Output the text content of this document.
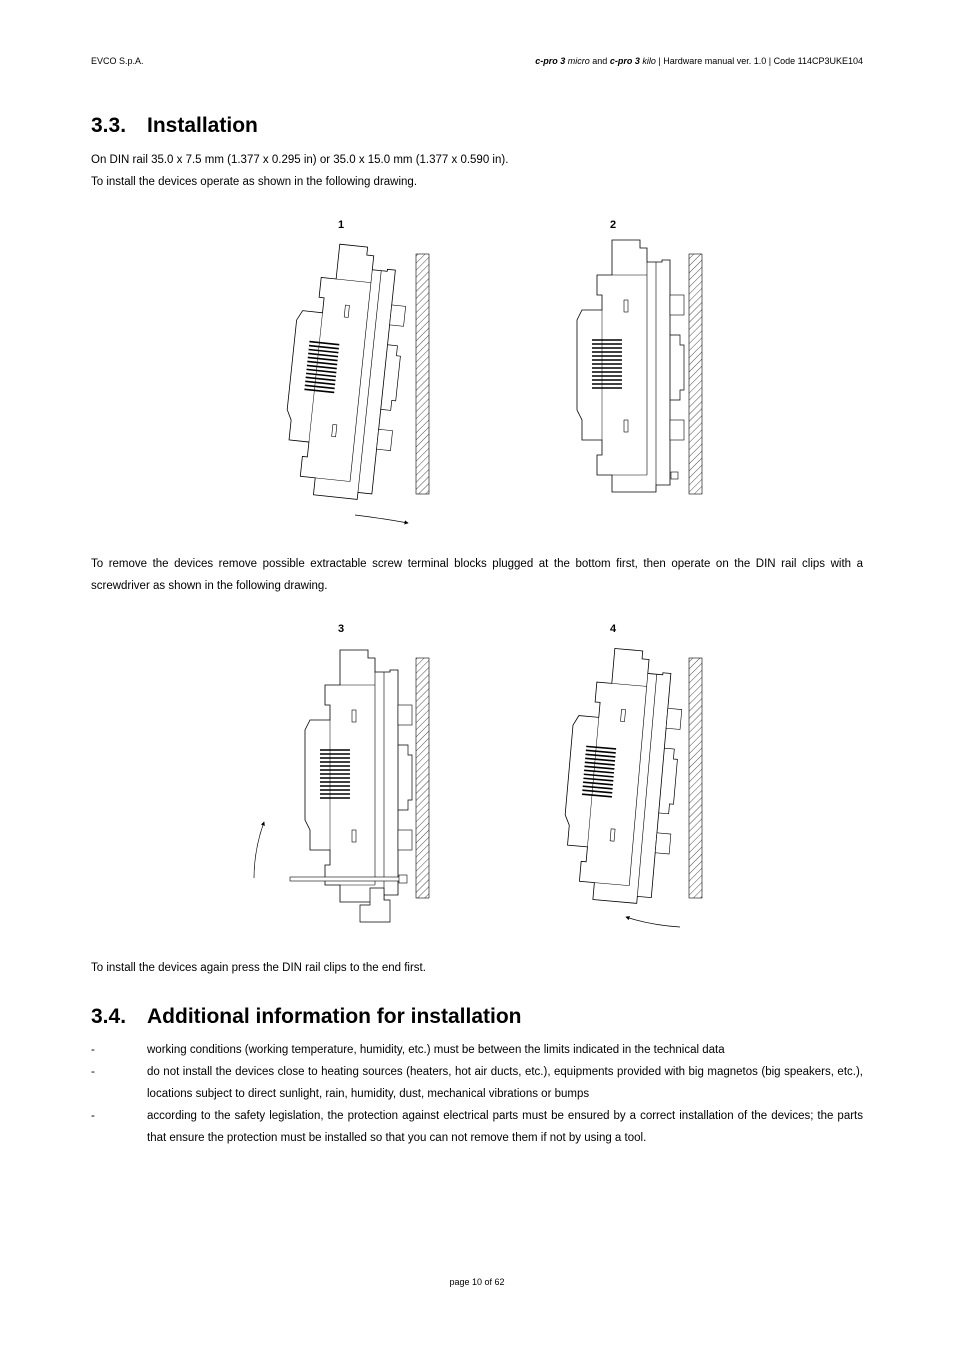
EVCO S.p.A.	c-pro 3 micro and c-pro 3 kilo | Hardware manual ver. 1.0 | Code 114CP3UKE104
3.3. Installation

On DIN rail 35.0 x 7.5 mm (1.377 x 0.295 in) or 35.0 x 15.0 mm (1.377 x 0.590 in).

To install the devices operate as shown in the following drawing.

1	2

To remove the devices remove possible extractable screw terminal blocks plugged at the bottom first, then operate on the DIN rail clips with a screwdriver as shown in the following drawing.

3	4

To install the devices again press the DIN rail clips to the end first.

3.4. Additional information for installation
-	working conditions (working temperature, humidity, etc.) must be between the limits indicated in the technical data
-	do not install the devices close to heating sources (heaters, hot air ducts, etc.), equipments provided with big magnetos (big speakers, etc.), locations subject to direct sunlight, rain, humidity, dust, mechanical vibrations or bumps
-	according to the safety legislation, the protection against electrical parts must be ensured by a correct installation of the devices; the parts that ensure the protection must be installed so that you can not remove them if not by using a tool.
page 10 of 62
